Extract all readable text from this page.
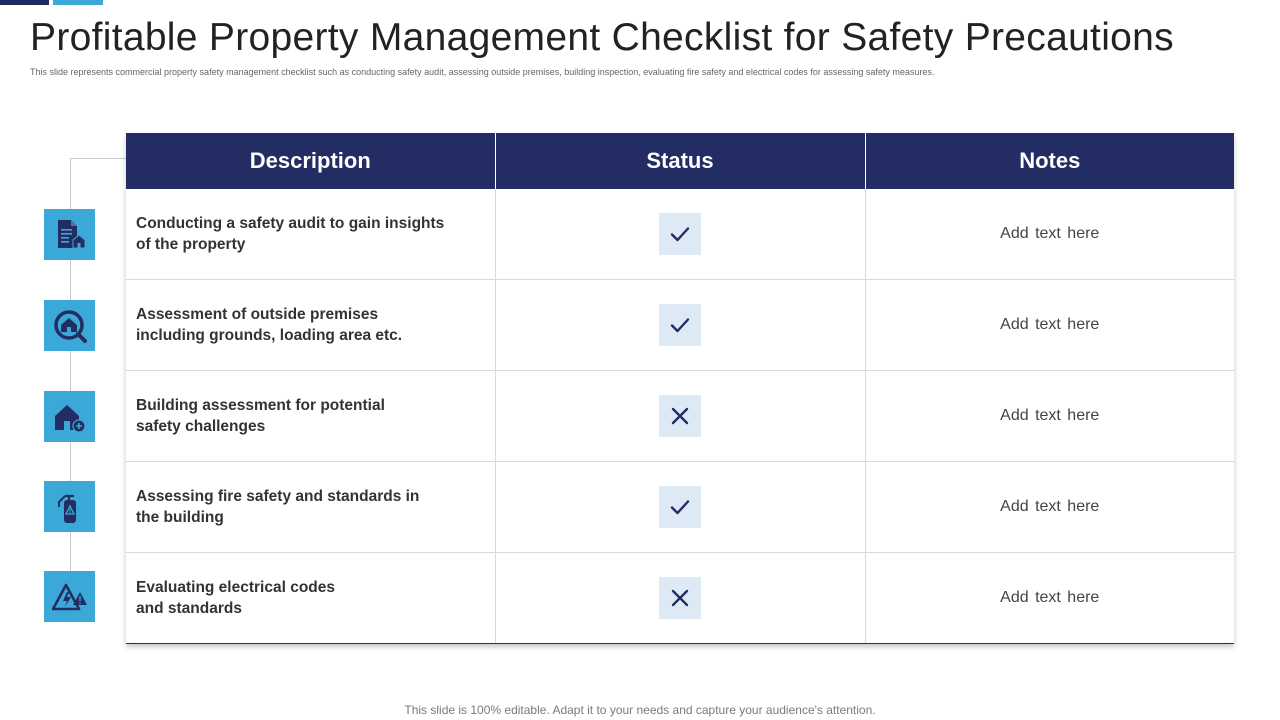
Profitable Property Management Checklist for Safety Precautions

This slide represents commercial property safety management checklist such as conducting safety audit, assessing outside premises, building inspection, evaluating fire safety and electrical codes for assessing safety measures.

Description	Status	Notes

Conducting a safety audit to gain insights
of the property		Add text here

Assessment of outside premises
including grounds, loading area etc.		Add text here

Building assessment for potential
safety challenges		Add text here

Assessing fire safety and standards in
the building		Add text here

Evaluating electrical codes
and standards		Add text here

This slide is 100% editable. Adapt it to your needs and capture your audience's attention.
